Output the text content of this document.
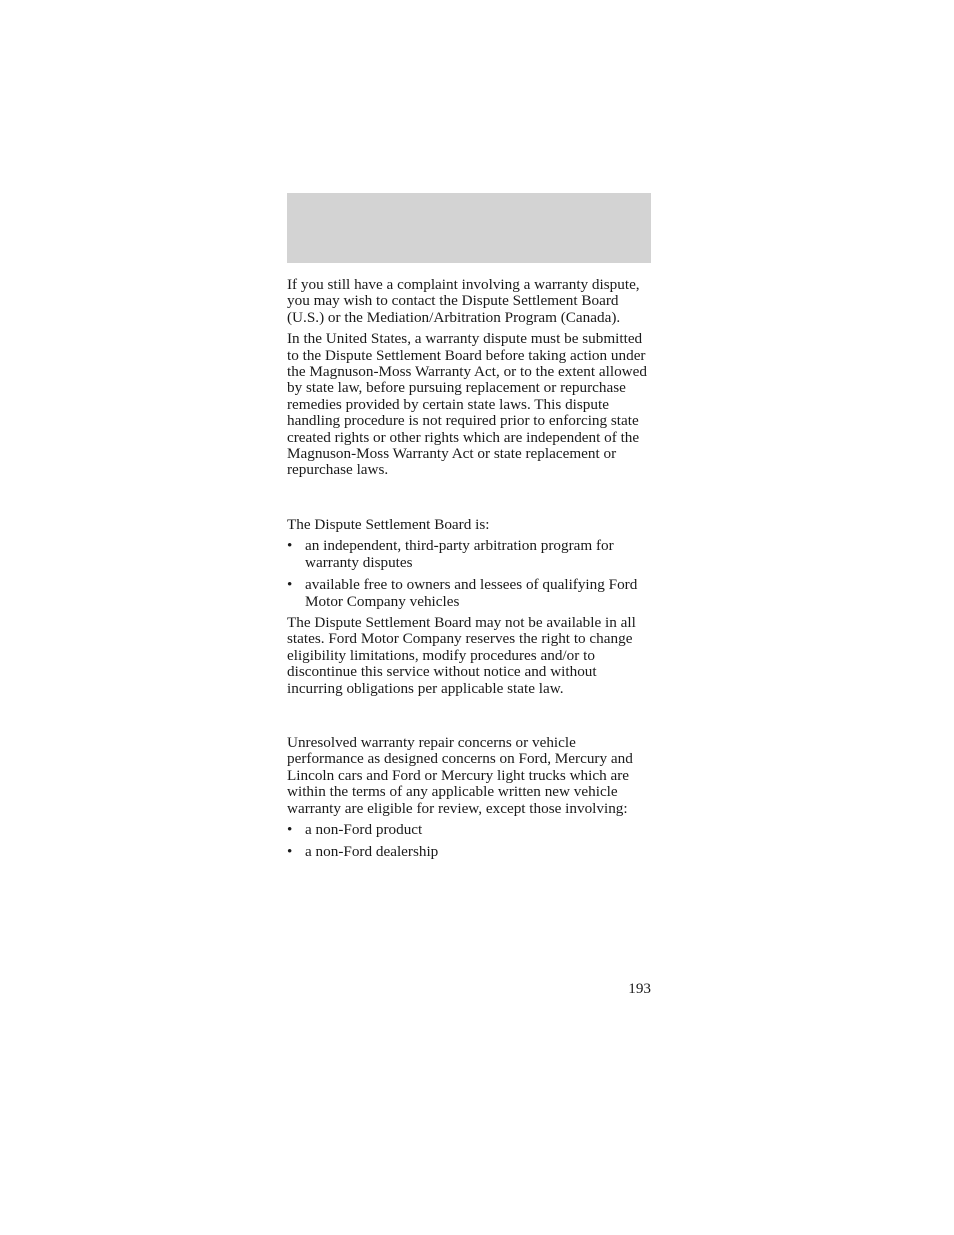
If you still have a complaint involving a warranty dispute, you may wish to contact the Dispute Settlement Board (U.S.) or the Mediation/Arbitration Program (Canada).

In the United States, a warranty dispute must be submitted to the Dispute Settlement Board before taking action under the Magnuson-Moss Warranty Act, or to the extent allowed by state law, before pursuing replacement or repurchase remedies provided by certain state laws. This dispute handling procedure is not required prior to enforcing state created rights or other rights which are independent of the Magnuson-Moss Warranty Act or state replacement or repurchase laws.

The Dispute Settlement Board is:

• an independent, third-party arbitration program for warranty disputes
• available free to owners and lessees of qualifying Ford Motor Company vehicles

The Dispute Settlement Board may not be available in all states. Ford Motor Company reserves the right to change eligibility limitations, modify procedures and/or to discontinue this service without notice and without incurring obligations per applicable state law.

Unresolved warranty repair concerns or vehicle performance as designed concerns on Ford, Mercury and Lincoln cars and Ford or Mercury light trucks which are within the terms of any applicable written new vehicle warranty are eligible for review, except those involving:

• a non-Ford product
• a non-Ford dealership
193
